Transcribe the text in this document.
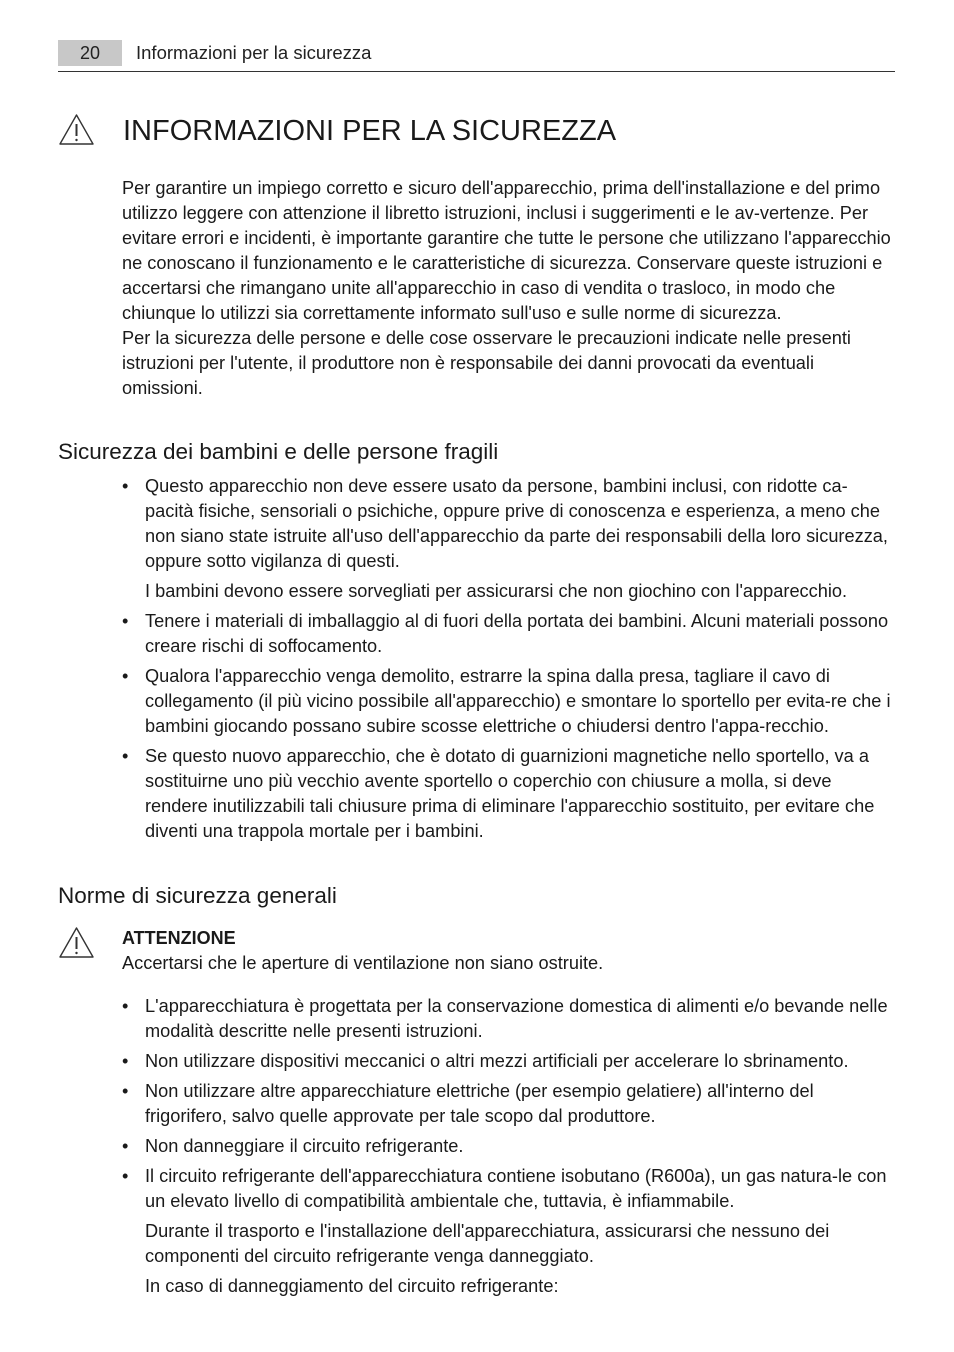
20	Informazioni per la sicurezza
INFORMAZIONI PER LA SICUREZZA

Per garantire un impiego corretto e sicuro dell'apparecchio, prima dell'installazione e del primo utilizzo leggere con attenzione il libretto istruzioni, inclusi i suggerimenti e le av-vertenze. Per evitare errori e incidenti, è importante garantire che tutte le persone che utilizzano l'apparecchio ne conoscano il funzionamento e le caratteristiche di sicurezza. Conservare queste istruzioni e accertarsi che rimangano unite all'apparecchio in caso di vendita o trasloco, in modo che chiunque lo utilizzi sia correttamente informato sull'uso e sulle norme di sicurezza.

Per la sicurezza delle persone e delle cose osservare le precauzioni indicate nelle presenti istruzioni per l'utente, il produttore non è responsabile dei danni provocati da eventuali omissioni.

Sicurezza dei bambini e delle persone fragili
• Questo apparecchio non deve essere usato da persone, bambini inclusi, con ridotte ca-pacità fisiche, sensoriali o psichiche, oppure prive di conoscenza e esperienza, a meno che non siano state istruite all'uso dell'apparecchio da parte dei responsabili della loro sicurezza, oppure sotto vigilanza di questi.
I bambini devono essere sorvegliati per assicurarsi che non giochino con l'apparecchio.
• Tenere i materiali di imballaggio al di fuori della portata dei bambini. Alcuni materiali possono creare rischi di soffocamento.
• Qualora l'apparecchio venga demolito, estrarre la spina dalla presa, tagliare il cavo di collegamento (il più vicino possibile all'apparecchio) e smontare lo sportello per evita-re che i bambini giocando possano subire scosse elettriche o chiudersi dentro l'appa-recchio.
• Se questo nuovo apparecchio, che è dotato di guarnizioni magnetiche nello sportello, va a sostituirne uno più vecchio avente sportello o coperchio con chiusure a molla, si deve rendere inutilizzabili tali chiusure prima di eliminare l'apparecchio sostituito, per evitare che diventi una trappola mortale per i bambini.
Norme di sicurezza generali
ATTENZIONE
Accertarsi che le aperture di ventilazione non siano ostruite.
• L'apparecchiatura è progettata per la conservazione domestica di alimenti e/o bevande nelle modalità descritte nelle presenti istruzioni.
• Non utilizzare dispositivi meccanici o altri mezzi artificiali per accelerare lo sbrinamento.
• Non utilizzare altre apparecchiature elettriche (per esempio gelatiere) all'interno del frigorifero, salvo quelle approvate per tale scopo dal produttore.
• Non danneggiare il circuito refrigerante.
• Il circuito refrigerante dell'apparecchiatura contiene isobutano (R600a), un gas natura-le con un elevato livello di compatibilità ambientale che, tuttavia, è infiammabile.
Durante il trasporto e l'installazione dell'apparecchiatura, assicurarsi che nessuno dei componenti del circuito refrigerante venga danneggiato.
In caso di danneggiamento del circuito refrigerante:
